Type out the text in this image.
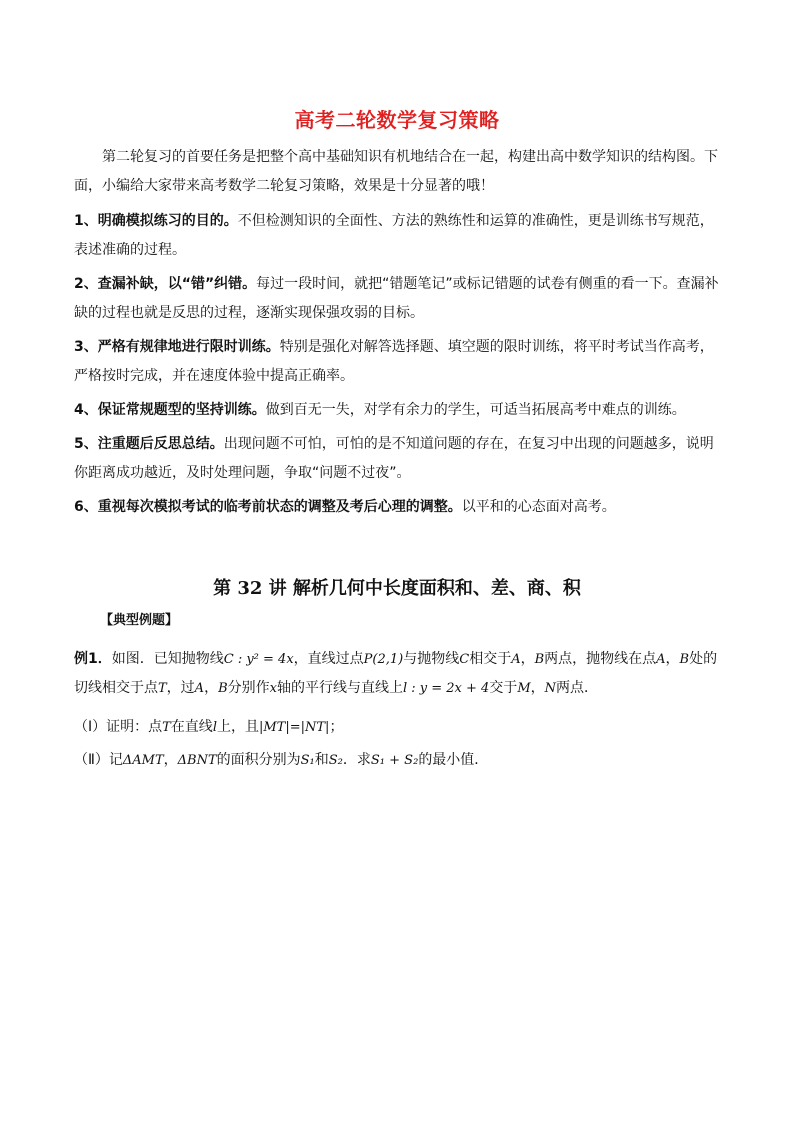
高考二轮数学复习策略
第二轮复习的首要任务是把整个高中基础知识有机地结合在一起，构建出高中数学知识的结构图。下面，小编给大家带来高考数学二轮复习策略，效果是十分显著的哦！
1、明确模拟练习的目的。不但检测知识的全面性、方法的熟练性和运算的准确性，更是训练书写规范，表述准确的过程。
2、查漏补缺，以“错”纠错。每过一段时间，就把“错题笔记”或标记错题的试卷有侧重的看一下。查漏补缺的过程也就是反思的过程，逐渐实现保强攻弱的目标。
3、严格有规律地进行限时训练。特别是强化对解答选择题、填空题的限时训练，将平时考试当作高考，严格按时完成，并在速度体验中提高正确率。
4、保证常规题型的坚持训练。做到百无一失，对学有余力的学生，可适当拓展高考中难点的训练。
5、注重题后反思总结。出现问题不可怕，可怕的是不知道问题的存在，在复习中出现的问题越多，说明你距离成功越近，及时处理问题，争取“问题不过夜”。
6、重视每次模拟考试的临考前状态的调整及考后心理的调整。以平和的心态面对高考。
第 32 讲 解析几何中长度面积和、差、商、积
【典型例题】
例1．如图．已知抛物线C : y² = 4x，直线过点P(2,1)与抛物线C相交于A，B两点，抛物线在点A，B处的切线相交于点T，过A，B分别作x轴的平行线与直线上l : y = 2x + 4交于M，N两点．
（Ⅰ）证明：点T在直线l上，且|MT|=|NT|；
（Ⅱ）记ΔAMT，ΔBNT的面积分别为S₁和S₂．求S₁ + S₂的最小值．
